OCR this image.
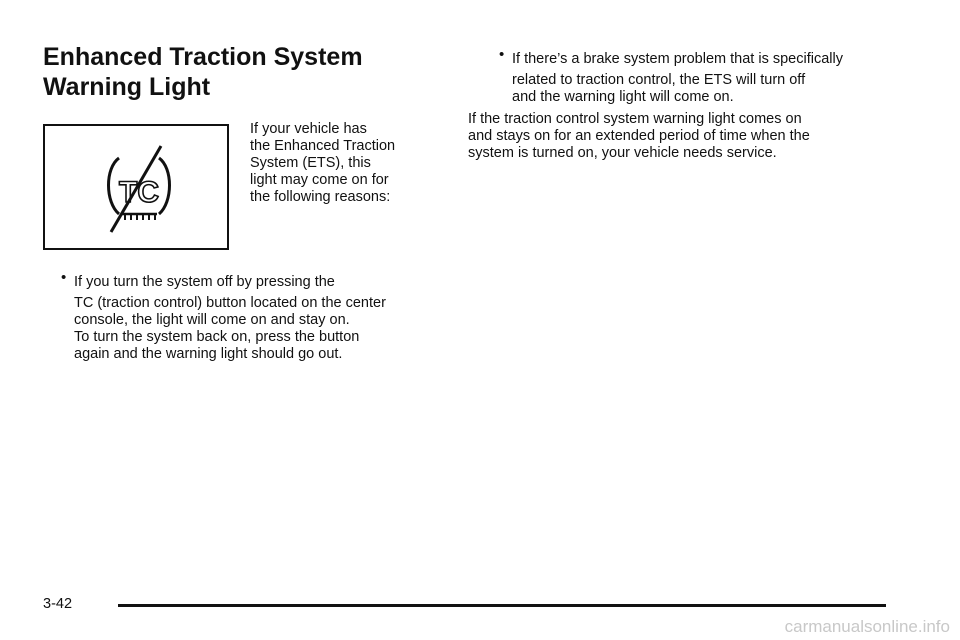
Enhanced Traction System
Warning Light
TC
If your vehicle has
the Enhanced Traction
System (ETS), this
light may come on for
the following reasons:
• If you turn the system off by pressing the
TC (traction control) button located on the center
console, the light will come on and stay on.
To turn the system back on, press the button
again and the warning light should go out.
• If there’s a brake system problem that is specifically
related to traction control, the ETS will turn off
and the warning light will come on.
If the traction control system warning light comes on
and stays on for an extended period of time when the
system is turned on, your vehicle needs service.
3-42
carmanualsonline.info
